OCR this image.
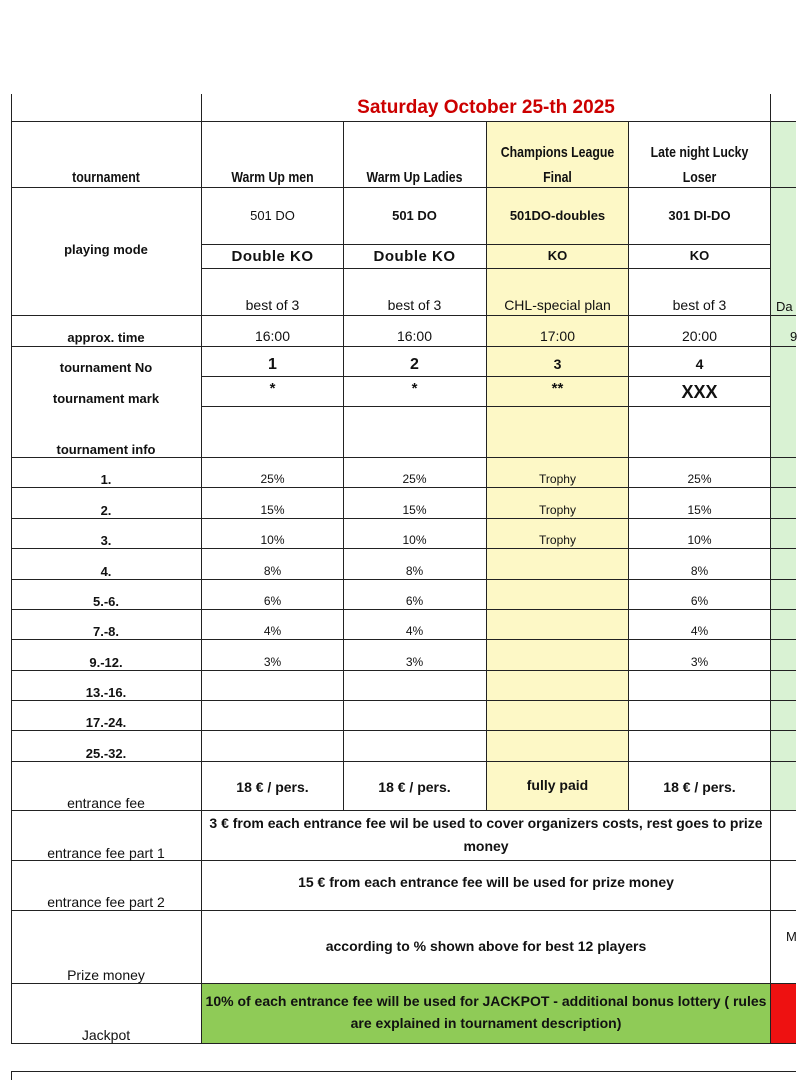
Saturday October 25-th 2025
tournament
playing mode
approx. time
tournament No
tournament mark
tournament info
1.
2.
3.
4.
5.-6.
7.-8.
9.-12.
13.-16.
17.-24.
25.-32.
entrance fee
entrance fee part 1
entrance fee part 2
Prize money
Jackpot
Warm Up men
501 DO
Double KO
best of 3
16:00
1
*
25%
15%
10%
8%
6%
4%
3%
18 € / pers.
Warm Up Ladies
501 DO
Double KO
best of 3
16:00
2
*
25%
15%
10%
8%
6%
4%
3%
18 € / pers.
Champions League
Final
501DO-doubles
KO
CHL-special plan
17:00
3
**
Trophy
Trophy
Trophy
fully paid
Late night Lucky
Loser
301 DI-DO
KO
best of 3
20:00
4
XXX
25%
15%
10%
8%
6%
4%
3%
18 € / pers.
Da
9
M
3 € from each entrance fee wil be used to cover organizers costs, rest goes to prize money
15 € from each entrance fee will be used for prize money
according to % shown above for best 12 players
10% of each entrance fee will be used for JACKPOT - additional bonus lottery ( rules are explained in tournament description)
